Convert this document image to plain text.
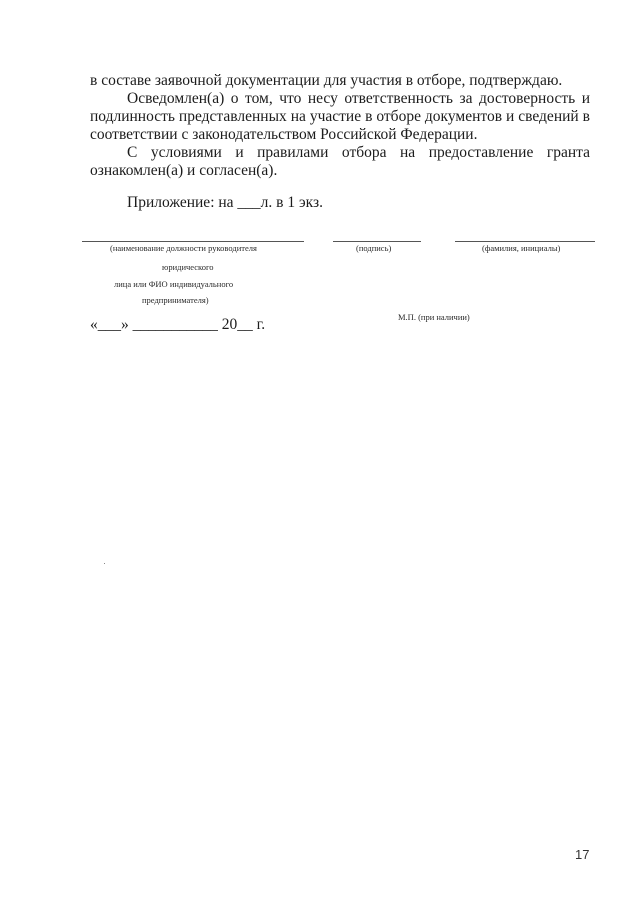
в составе заявочной документации для участия в отборе, подтверждаю.
Осведомлен(а) о том, что несу ответственность за достоверность и
подлинность представленных на участие в отборе документов и сведений в
соответствии с законодательством Российской Федерации.
С условиями и правилами отбора на предоставление гранта
ознакомлен(а) и согласен(а).
Приложение: на ___л. в 1 экз.
(наименование должности руководителя
юридического
лица или ФИО индивидуального
предпринимателя)
(подпись)	(фамилия, инициалы)
«___» ___________ 20__ г.	М.П. (при наличии)
17
